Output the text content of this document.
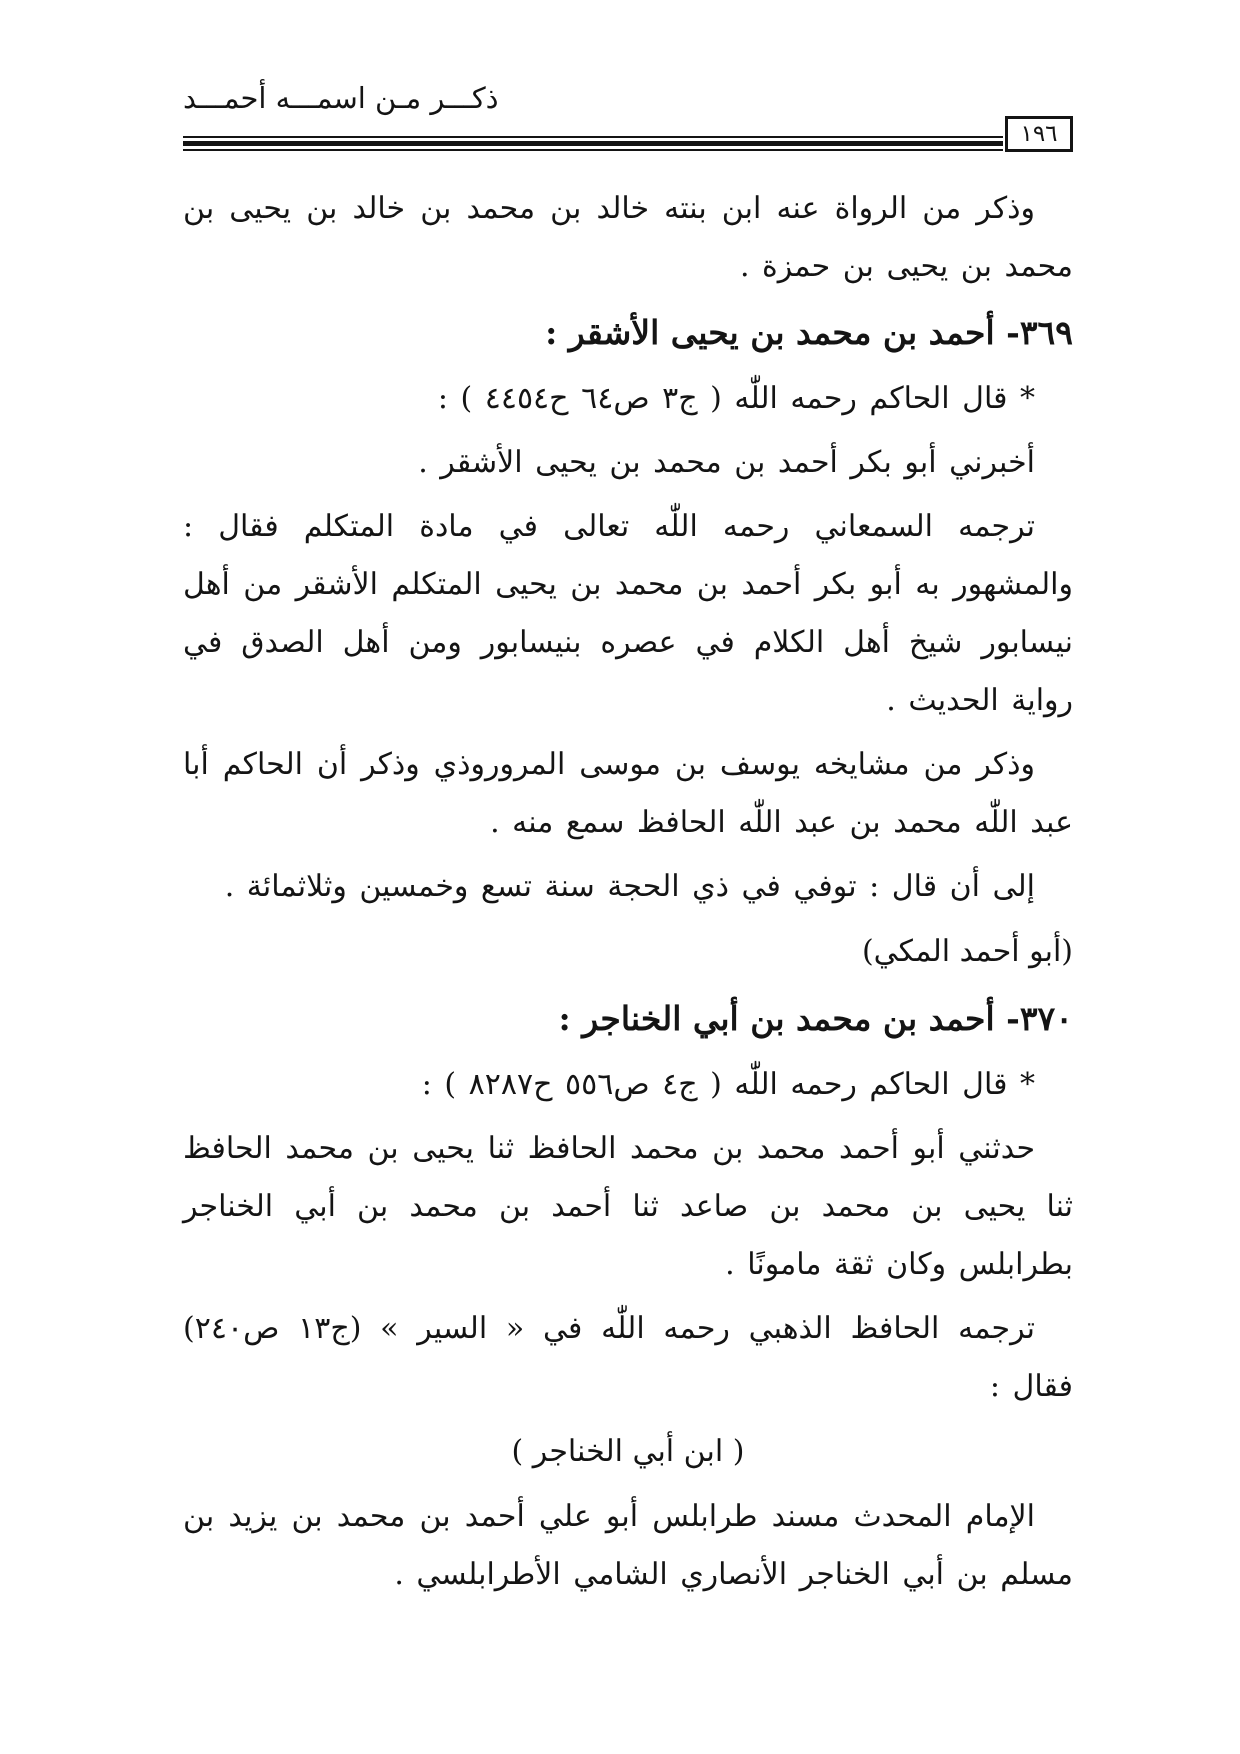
ذكـــر مـن اسمـــه أحمـــد
١٩٦

وذكر من الرواة عنه ابن بنته خالد بن محمد بن خالد بن يحيى بن محمد بن يحيى بن حمزة .

٣٦٩- أحمد بن محمد بن يحيى الأشقر :

* قال الحاكم رحمه اللّٰه ( ج٣ ص٦٤ ح٤٤٥٤ ) :

أخبرني أبو بكر أحمد بن محمد بن يحيى الأشقر .

ترجمه السمعاني رحمه اللّٰه تعالى في مادة المتكلم فقال : والمشهور به أبو بكر أحمد بن محمد بن يحيى المتكلم الأشقر من أهل نيسابور شيخ أهل الكلام في عصره بنيسابور ومن أهل الصدق في رواية الحديث .

وذكر من مشايخه يوسف بن موسى المروروذي وذكر أن الحاكم أبا عبد اللّٰه محمد بن عبد اللّٰه الحافظ سمع منه .

إلى أن قال : توفي في ذي الحجة سنة تسع وخمسين وثلاثمائة .

(أبو أحمد المكي)

٣٧٠- أحمد بن محمد بن أبي الخناجر :

* قال الحاكم رحمه اللّٰه ( ج٤ ص٥٥٦ ح٨٢٨٧ ) :

حدثني أبو أحمد محمد بن محمد الحافظ ثنا يحيى بن محمد الحافظ ثنا يحيى بن محمد بن صاعد ثنا أحمد بن محمد بن أبي الخناجر بطرابلس وكان ثقة مامونًا .

ترجمه الحافظ الذهبي رحمه اللّٰه في « السير » (ج١٣ ص٢٤٠) فقال :

( ابن أبي الخناجر )

الإمام المحدث مسند طرابلس أبو علي أحمد بن محمد بن يزيد بن مسلم بن أبي الخناجر الأنصاري الشامي الأطرابلسي .
